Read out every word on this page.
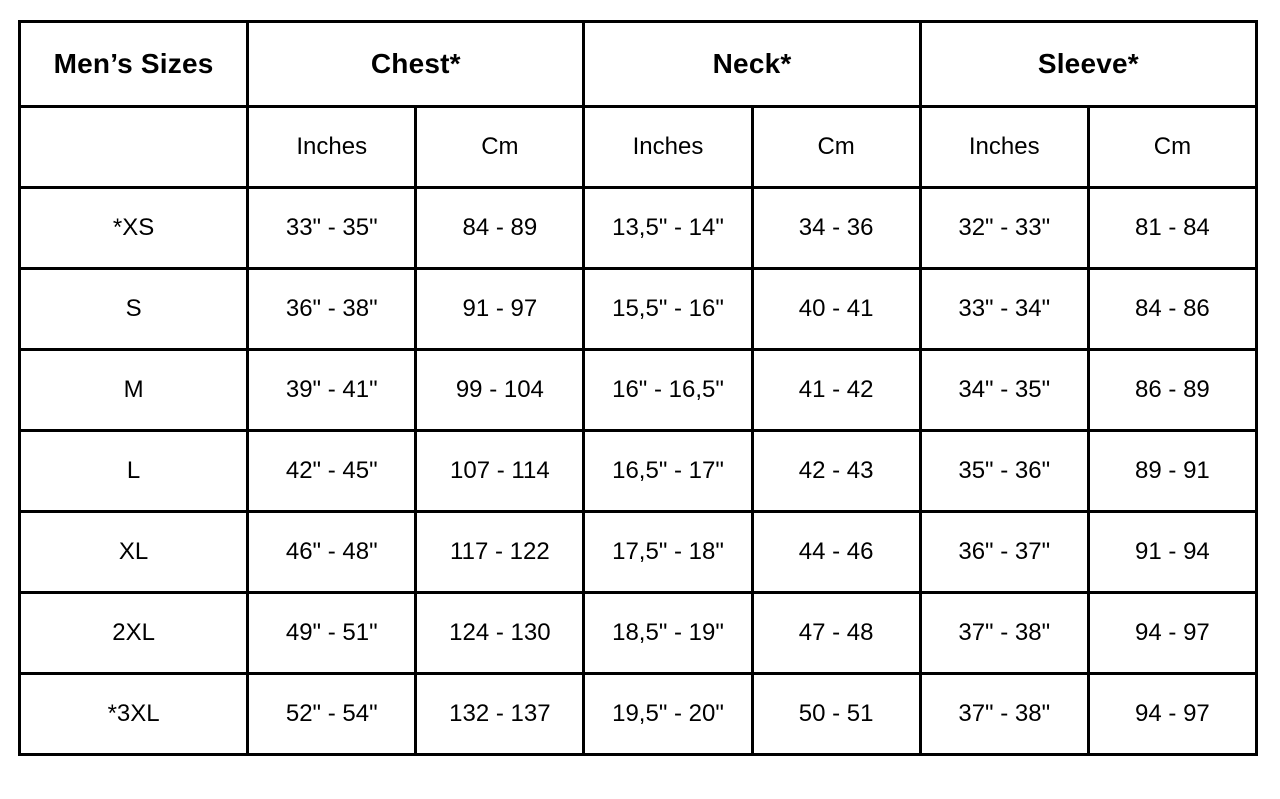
Men’s Sizes	Chest*		Neck*		Sleeve*	
	Inches	Cm	Inches	Cm	Inches	Cm
*XS	33" - 35"	84 - 89	13,5" - 14"	34 - 36	32" - 33"	81 - 84
S	36" - 38"	91 - 97	15,5" - 16"	40 - 41	33" - 34"	84 - 86
M	39" - 41"	99 - 104	16" - 16,5"	41 - 42	34" - 35"	86 - 89
L	42" - 45"	107 - 114	16,5" - 17"	42 - 43	35" - 36"	89 - 91
XL	46" - 48"	117 - 122	17,5" - 18"	44 - 46	36" - 37"	91 - 94
2XL	49" - 51"	124 - 130	18,5" - 19"	47 - 48	37" - 38"	94 - 97
*3XL	52" - 54"	132 - 137	19,5" - 20"	50 - 51	37" - 38"	94 - 97
